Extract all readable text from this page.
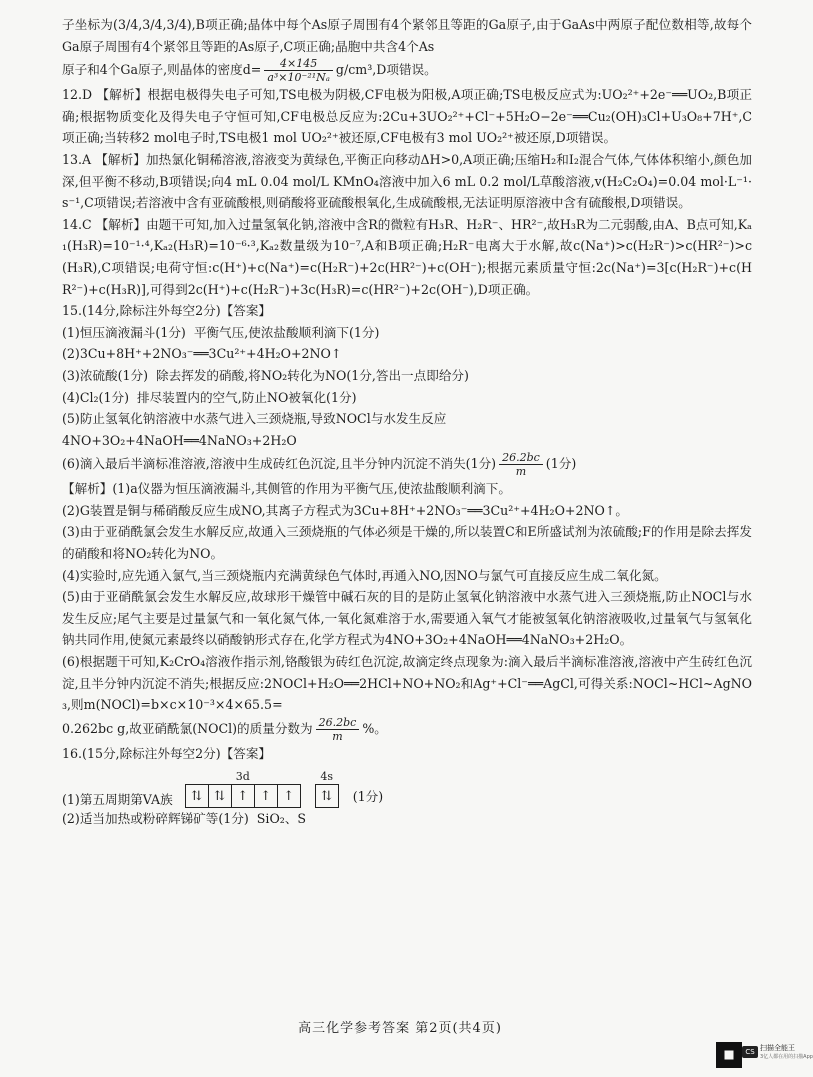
子坐标为(3/4,3/4,3/4),B项正确;晶体中每个As原子周围有4个紧邻且等距的Ga原子,由于GaAs中两原子配位数相等,故每个Ga原子周围有4个紧邻且等距的As原子,C项正确;晶胞中共含4个As

原子和4个Ga原子,则晶体的密度$d= \frac{4\times 145}{\text{a³×10⁻²¹Nₐ}} g/cm^3,D$项错误。

12.D 【解析】根据电极得失电子可知,TS电极为阴极,CF电极为阳极,A项正确;TS电极反应式为:UO₂²⁺+2e⁻══UO₂,B项正确;根据物质变化及得失电子守恒可知,CF电极总反应为:2Cu+3UO₂²⁺+Cl⁻+5H₂O−2e⁻══Cu₂(OH)₃Cl+U₃O₈+7H⁺,C项正确;当转移2 mol电子时,TS电极1 mol UO₂²⁺被还原,CF电极有3 mol UO₂²⁺被还原,D项错误。

13.A 【解析】加热氯化铜稀溶液,溶液变为黄绿色,平衡正向移动ΔH>0,A项正确;压缩H₂和I₂混合气体,气体体积缩小,颜色加深,但平衡不移动,B项错误;向4 mL 0.04 mol/L KMnO₄溶液中加入6 mL 0.2 mol/L草酸溶液,v(H₂C₂O₄)=0.04 mol·L⁻¹·s⁻¹,C项错误;若溶液中含有亚硫酸根,则硝酸将亚硫酸根氧化,生成硫酸根,无法证明原溶液中含有硫酸根,D项错误。

14.C 【解析】由题干可知,加入过量氢氧化钠,溶液中含R的微粒有H₃R、H₂R⁻、HR²⁻,故H₃R为二元弱酸,由A、B点可知,Kₐ₁(H₃R)=10⁻¹·⁴,Kₐ₂(H₃R)=10⁻⁶·³,Kₐ₂数量级为10⁻⁷,A和B项正确;H₂R⁻电离大于水解,故c(Na⁺)>c(H₂R⁻)>c(HR²⁻)>c(H₃R),C项错误;电荷守恒:c(H⁺)+c(Na⁺)=c(H₂R⁻)+2c(HR²⁻)+c(OH⁻);根据元素质量守恒:2c(Na⁺)=3[c(H₂R⁻)+c(HR²⁻)+c(H₃R)],可得到2c(H⁺)+c(H₂R⁻)+3c(H₃R)=c(HR²⁻)+2c(OH⁻),D项正确。

15.(14分,除标注外每空2分)【答案】

(1)恒压滴液漏斗(1分)  平衡气压,使浓盐酸顺利滴下(1分)

(2)3Cu+8H⁺+2NO₃⁻══3Cu²⁺+4H₂O+2NO↑

(3)浓硫酸(1分)  除去挥发的硝酸,将NO₂转化为NO(1分,答出一点即给分)

(4)Cl₂(1分)  排尽装置内的空气,防止NO被氧化(1分)

(5)防止氢氧化钠溶液中水蒸气进入三颈烧瓶,导致NOCl与水发生反应

4NO+3O₂+4NaOH══4NaNO₃+2H₂O

(6)滴入最后半滴标准溶液,溶液中生成砖红色沉淀,且半分钟内沉淀不消失(1分) $\frac{26.2bc}{m} (1$分)

【解析】(1)a仪器为恒压滴液漏斗,其侧管的作用为平衡气压,使浓盐酸顺利滴下。

(2)G装置是铜与稀硝酸反应生成NO,其离子方程式为3Cu+8H⁺+2NO₃⁻══3Cu²⁺+4H₂O+2NO↑。

(3)由于亚硝酰氯会发生水解反应,故通入三颈烧瓶的气体必须是干燥的,所以装置C和E所盛试剂为浓硫酸;F的作用是除去挥发的硝酸和将NO₂转化为NO。

(4)实验时,应先通入氯气,当三颈烧瓶内充满黄绿色气体时,再通入NO,因NO与氯气可直接反应生成二氧化氮。

(5)由于亚硝酰氯会发生水解反应,故球形干燥管中碱石灰的目的是防止氢氧化钠溶液中水蒸气进入三颈烧瓶,防止NOCl与水发生反应;尾气主要是过量氯气和一氧化氮气体,一氧化氮难溶于水,需要通入氧气才能被氢氧化钠溶液吸收,过量氧气与氢氧化钠共同作用,使氮元素最终以硝酸钠形式存在,化学方程式为4NO+3O₂+4NaOH══4NaNO₃+2H₂O。

(6)根据题干可知,K₂CrO₄溶液作指示剂,铬酸银为砖红色沉淀,故滴定终点现象为:滴入最后半滴标准溶液,溶液中产生砖红色沉淀,且半分钟内沉淀不消失;根据反应:2NOCl+H₂O══2HCl+NO+NO₂和Ag⁺+Cl⁻══AgCl,可得关系:NOCl~HCl~AgNO₃,则m(NOCl)=b×c×10⁻³×4×65.5=

0.262bc g,故亚硝酰氯(NOCl)的质量分数为 $\frac{26.2bc}{m}$ %。

16.(15分,除标注外每空2分)【答案】

(1)第五周期第VA族
3d
⇅ ⇅ ↑ ↑ ↑
4s
⇅	(1分)

(2)适当加热或粉碎辉锑矿等(1分)  SiO₂、S

高三化学参考答案 第2页(共4页)
CS 扫描全能王
3亿人都在用的扫描App
